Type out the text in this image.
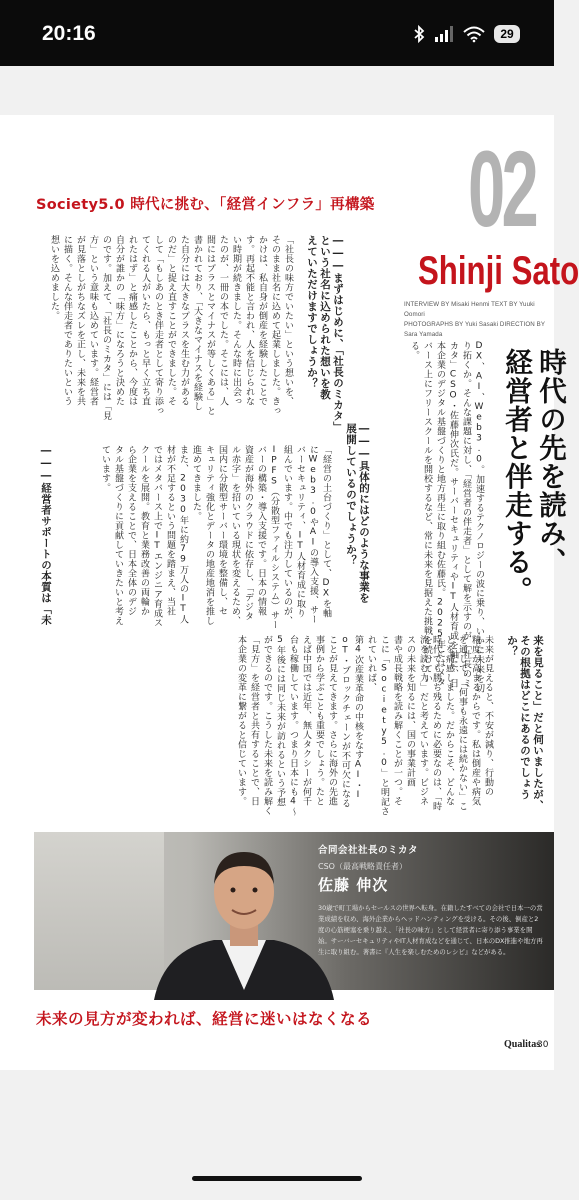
20:16	29
02
Shinji Sato
INTERVIEW BY Misaki Henmi TEXT BY Yuuki Oomori
PHOTOGRAPHS BY Yuki Sasaki DIRECTION BY Sara Yamada
Society5.0 時代に挑む、「経営インフラ」再構築
時代の先を読み、
経営者と伴走する。
DX、AI、Web3.0。加速するテクノロジーの波に乗り、いかに未来を切
り拓くか。そんな課題に対し、「経営者の伴走者」として解を示すのが「社長のミ
カタ」CSO・佐藤伸次氏だ。サーバーセキュリティやIT人材育成を軸に、日
本企業のデジタル基盤づくりと地方再生に取り組む佐藤氏。2025年にはメタ
バース上にフリースクールを開校するなど、常に未来を見据えた挑戦を続けている。
―――まずはじめに、「社長のミカタ」
という社名に込められた想いを教
えていただけますでしょうか？
「社長の味方でいたい」という想いを、
そのまま社名に込めて起業しました。きっ
かけは、私自身が倒産を経験したことで
す。再起不能と言われ、人を信じられな
い時期が続きました。そんな時に出会っ
たのが、一冊の本でした。そこには、人
間にはプラスとマイナスが等しくある」と
書かれており、「大きなマイナスを経験し
た自分には大きなプラスを生む力がある
のだ」と捉え直すことができました。そ
して「もしあのとき伴走者として寄り添っ
てくれる人がいたら、もっと早く立ち直
れたはず」と痛感したことから、今度は
自分が誰かの「味方」になろうと決めた
のです。加えて、「社長のミカタ」には「見
方」という意味も込めています。経営者
が見落としがちなズレを正し、未来を共
に描く。そんな伴走者でありたいという
想いを込めました。
―――経営者サポートの本質は「未	―――具体的にはどのような事業を
展開しているのでしょうか？
「経営の土台づくり」として、DXを軸
にWeb3.0やAIの導入支援、サー
バーセキュリティ、IT人材育成に取り
組んでいます。中でも注力しているのが、
IPFS（分散型ファイルシステム）サー
バーの構築・導入支援です。日本の情報
資産が海外のクラウドに依存し、「デジタ
ル赤字」を招いている現状を変えるため、
国内に分散型サーバー環境を整備し、セ
キュリティ強化とデータの地産地消を推し
進めてきました。
また、2030年に約79万人のIT人
材が不足するという問題を踏まえ、当社
ではメタバース上でITエンジニア育成ス
クールを展開。教育と業務改善の両輪か
ら企業を支えることで、日本全体のデジ
タル基盤づくりに貢献していきたいと考え
ています。
来を見ること」だと伺いましたが、
その根拠はどこにあるのでしょう
か？
未来が見えると、不安が減り、行動の
精度が高まるからです。私は倒産や病気
を通して、「何事も永遠には続かない」こ
とを痛感しました。だからこそ、どんな
時代でも勝ち残るために必要なのは、「時
流を読む力」だと考えています。ビジネ
スの未来を知るには、国の事業計画
書や成長戦略を読み解くことが一つ。そ
こに「Society5.0」と明記されていれば、
第4次産業革命の中核をなすAI・I
oT・ブロックチェーンが不可欠になる
ことが見えてきます。さらに海外の先進
事例から学ぶことも重要でしょう。たと
えば中国では近年、無人タクシーが何千
台も稼働しています。つまり日本にも4〜
5年後には同じ未来が訪れるという予想
ができるのです。こうした未来を読み解く
「見方」を経営者と共有することで、日
本企業の変革に繋がると信じています。
合同会社社長のミカタ
CSO（最高戦略責任者）
佐藤 伸次
30歳で町工場からセールスの世界へ転身。在籍したすべての会社で日本一の営業成績を収め、海外企業からヘッドハンティングを受ける。その後、倒産と2度の心筋梗塞を乗り越え、「社長の味方」として経営者に寄り添う事業を開始。サーバーセキュリティやIT人材育成などを通じて、日本のDX推進や地方再生に取り組む。著書に『人生を楽しむためのレシピ』などがある。
未来の見方が変われば、経営に迷いはなくなる
Qualitas
30
